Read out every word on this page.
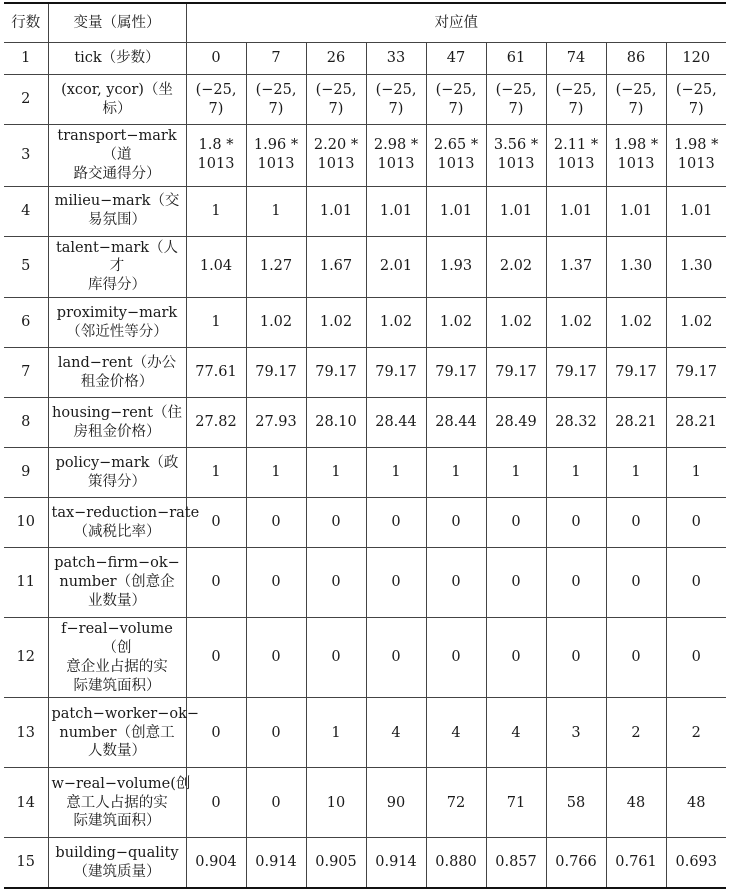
行数	变量（属性）	对应值								
1	tick（步数）	0	7	26	33	47	61	74	86	120
2	(xcor, ycor)（坐标）	(−25,
7)	(−25,
7)	(−25,
7)	(−25,
7)	(−25,
7)	(−25,
7)	(−25,
7)	(−25,
7)	(−25,
7)

3	transport−mark（道
路交通得分）	1.8 *
1013	1.96 *
1013	2.20 *
1013	2.98 *
1013	2.65 *
1013	3.56 *
1013	2.11 *
1013	1.98 *
1013	1.98 *
1013

4	milieu−mark（交
易氛围）	1	1	1.01	1.01	1.01	1.01	1.01	1.01	1.01
5	talent−mark（人才
库得分）	1.04	1.27	1.67	2.01	1.93	2.02	1.37	1.30	1.30
6	proximity−mark
（邻近性等分）	1	1.02	1.02	1.02	1.02	1.02	1.02	1.02	1.02
7	land−rent（办公
租金价格）	77.61	79.17	79.17	79.17	79.17	79.17	79.17	79.17	79.17
8	housing−rent（住
房租金价格）	27.82	27.93	28.10	28.44	28.44	28.49	28.32	28.21	28.21
9	policy−mark（政
策得分）	1	1	1	1	1	1	1	1	1
10	tax−reduction−rate
（减税比率）	0	0	0	0	0	0	0	0	0
11	patch−firm−ok−
number（创意企
业数量）	0	0	0	0	0	0	0	0	0
12	f−real−volume（创
意企业占据的实
际建筑面积）	0	0	0	0	0	0	0	0	0
13	patch−worker−ok−
number（创意工
人数量）	0	0	1	4	4	4	3	2	2
14	w−real−volume(创
意工人占据的实
际建筑面积）	0	0	10	90	72	71	58	48	48
15	building−quality
（建筑质量）	0.904	0.914	0.905	0.914	0.880	0.857	0.766	0.761	0.693
